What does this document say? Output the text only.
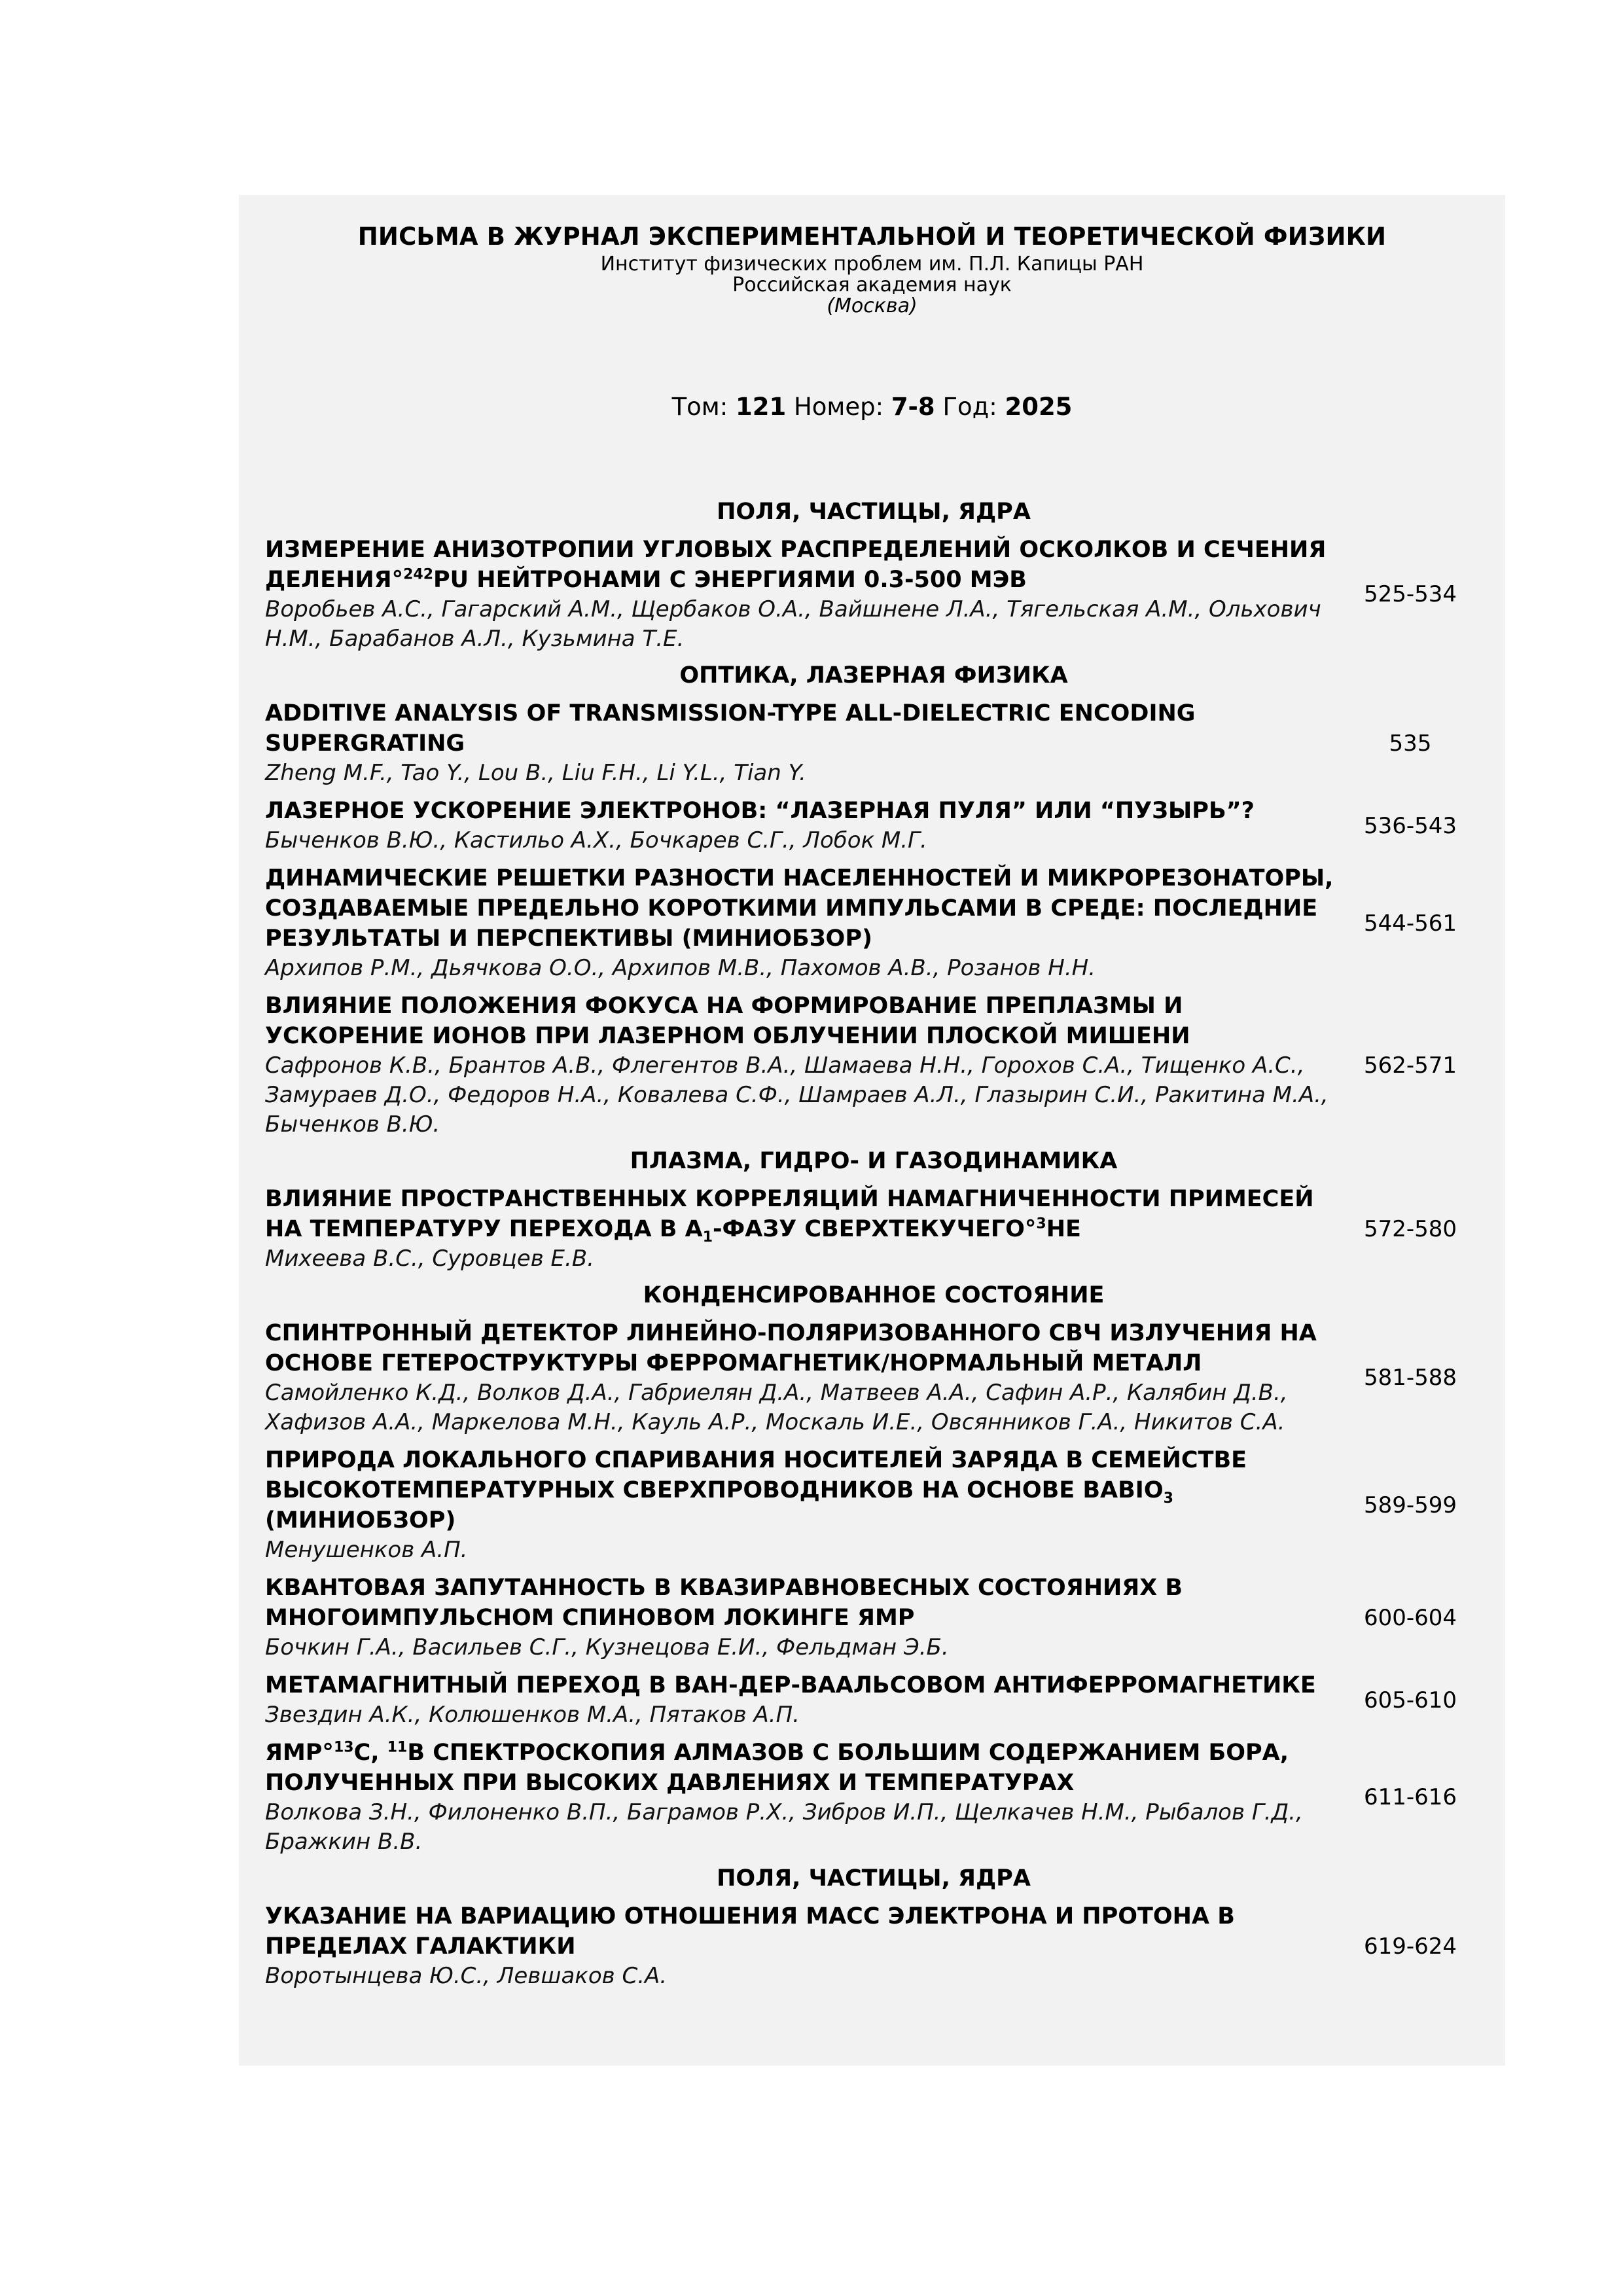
ПИСЬМА В ЖУРНАЛ ЭКСПЕРИМЕНТАЛЬНОЙ И ТЕОРЕТИЧЕСКОЙ ФИЗИКИ
Институт физических проблем им. П.Л. Капицы РАН
Российская академия наук
(Москва)
Том: 121 Номер: 7-8 Год: 2025
ПОЛЯ, ЧАСТИЦЫ, ЯДРА
ИЗМЕРЕНИЕ АНИЗОТРОПИИ УГЛОВЫХ РАСПРЕДЕЛЕНИЙ ОСКОЛКОВ И СЕЧЕНИЯ ДЕЛЕНИЯ°$^{242}$PU НЕЙТРОНАМИ С ЭНЕРГИЯМИ 0.3-500 МЭВ
Воробьев А.С., Гагарский А.М., Щербаков О.А., Вайшнене Л.А., Тягельская А.М., Ольхович Н.М., Барабанов А.Л., Кузьмина Т.Е.
525-534
ОПТИКА, ЛАЗЕРНАЯ ФИЗИКА
ADDITIVE ANALYSIS OF TRANSMISSION-TYPE ALL-DIELECTRIC ENCODING SUPERGRATING
Zheng M.F., Tao Y., Lou B., Liu F.H., Li Y.L., Tian Y.
535
ЛАЗЕРНОЕ УСКОРЕНИЕ ЭЛЕКТРОНОВ: “ЛАЗЕРНАЯ ПУЛЯ” ИЛИ “ПУЗЫРЬ”?
Быченков В.Ю., Кастильо А.Х., Бочкарев С.Г., Лобок М.Г.
536-543
ДИНАМИЧЕСКИЕ РЕШЕТКИ РАЗНОСТИ НАСЕЛЕННОСТЕЙ И МИКРОРЕЗОНАТОРЫ, СОЗДАВАЕМЫЕ ПРЕДЕЛЬНО КОРОТКИМИ ИМПУЛЬСАМИ В СРЕДЕ: ПОСЛЕДНИЕ РЕЗУЛЬТАТЫ И ПЕРСПЕКТИВЫ (МИНИОБЗОР)
Архипов Р.М., Дьячкова О.О., Архипов М.В., Пахомов А.В., Розанов Н.Н.
544-561
ВЛИЯНИЕ ПОЛОЖЕНИЯ ФОКУСА НА ФОРМИРОВАНИЕ ПРЕПЛАЗМЫ И УСКОРЕНИЕ ИОНОВ ПРИ ЛАЗЕРНОМ ОБЛУЧЕНИИ ПЛОСКОЙ МИШЕНИ
Сафронов К.В., Брантов А.В., Флегентов В.А., Шамаева Н.Н., Горохов С.А., Тищенко А.С., Замураев Д.О., Федоров Н.А., Ковалева С.Ф., Шамраев А.Л., Глазырин С.И., Ракитина М.А., Быченков В.Ю.
562-571
ПЛАЗМА, ГИДРО- И ГАЗОДИНАМИКА
ВЛИЯНИЕ ПРОСТРАНСТВЕННЫХ КОРРЕЛЯЦИЙ НАМАГНИЧЕННОСТИ ПРИМЕСЕЙ НА ТЕМПЕРАТУРУ ПЕРЕХОДА В $A_1$-ФАЗУ СВЕРХТЕКУЧЕГО°$^3$НЕ
Михеева В.С., Суровцев Е.В.
572-580
КОНДЕНСИРОВАННОЕ СОСТОЯНИЕ
СПИНТРОННЫЙ ДЕТЕКТОР ЛИНЕЙНО-ПОЛЯРИЗОВАННОГО СВЧ ИЗЛУЧЕНИЯ НА ОСНОВЕ ГЕТЕРОСТРУКТУРЫ ФЕРРОМАГНЕТИК/НОРМАЛЬНЫЙ МЕТАЛЛ
Самойленко К.Д., Волков Д.А., Габриелян Д.А., Матвеев А.А., Сафин А.Р., Калябин Д.В., Хафизов А.А., Маркелова М.Н., Кауль А.Р., Москаль И.Е., Овсянников Г.А., Никитов С.А.
581-588
ПРИРОДА ЛОКАЛЬНОГО СПАРИВАНИЯ НОСИТЕЛЕЙ ЗАРЯДА В СЕМЕЙСТВЕ ВЫСОКОТЕМПЕРАТУРНЫХ СВЕРХПРОВОДНИКОВ НА ОСНОВЕ $BABIO_3$ (МИНИОБЗОР)
Менушенков А.П.
589-599
КВАНТОВАЯ ЗАПУТАННОСТЬ В КВАЗИРАВНОВЕСНЫХ СОСТОЯНИЯХ В МНОГОИМПУЛЬСНОМ СПИНОВОМ ЛОКИНГЕ ЯМР
Бочкин Г.А., Васильев С.Г., Кузнецова Е.И., Фельдман Э.Б.
600-604
МЕТАМАГНИТНЫЙ ПЕРЕХОД В ВАН-ДЕР-ВААЛЬСОВОМ АНТИФЕРРОМАГНЕТИКЕ
Звездин А.К., Колюшенков М.А., Пятаков А.П.
605-610
ЯМР°$^{13}$C, $^{11}$B СПЕКТРОСКОПИЯ АЛМАЗОВ С БОЛЬШИМ СОДЕРЖАНИЕМ БОРА, ПОЛУЧЕННЫХ ПРИ ВЫСОКИХ ДАВЛЕНИЯХ И ТЕМПЕРАТУРАХ
Волкова З.Н., Филоненко В.П., Баграмов Р.Х., Зибров И.П., Щелкачев Н.М., Рыбалов Г.Д., Бражкин В.В.
611-616
ПОЛЯ, ЧАСТИЦЫ, ЯДРА
УКАЗАНИЕ НА ВАРИАЦИЮ ОТНОШЕНИЯ МАСС ЭЛЕКТРОНА И ПРОТОНА В ПРЕДЕЛАХ ГАЛАКТИКИ
Воротынцева Ю.С., Левшаков С.А.
619-624
